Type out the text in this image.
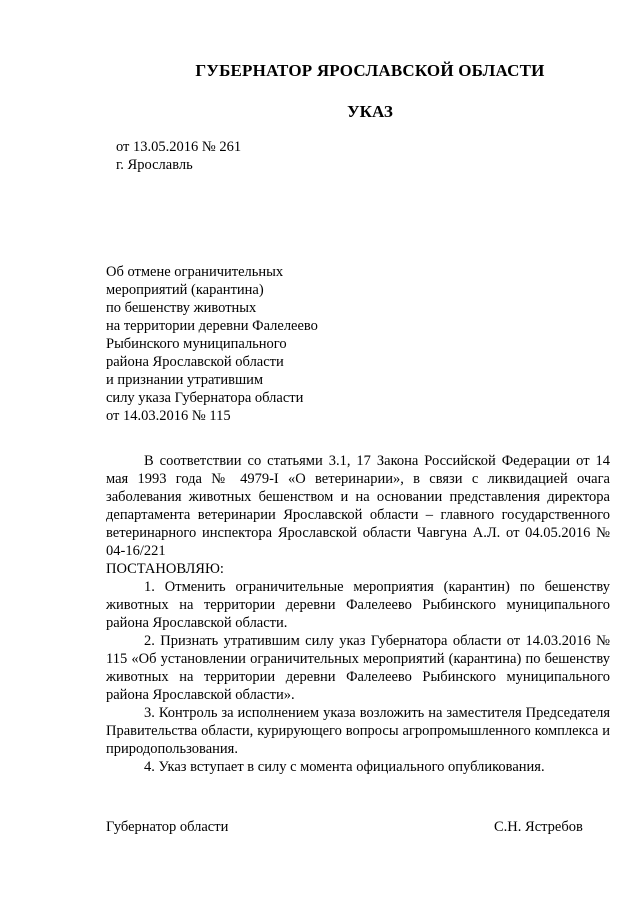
ГУБЕРНАТОР ЯРОСЛАВСКОЙ ОБЛАСТИ
УКАЗ
от 13.05.2016 № 261
г. Ярославль
Об отмене ограничительных
мероприятий (карантина)
по бешенству животных
на территории деревни Фалелеево
Рыбинского муниципального
района Ярославской области
и признании утратившим
силу указа Губернатора области
от 14.03.2016 № 115

В соответствии со статьями 3.1, 17 Закона Российской Федерации от 14 мая 1993 года № 4979-I «О ветеринарии», в связи с ликвидацией очага заболевания животных бешенством и на основании представления директора департамента ветеринарии Ярославской области – главного государственного ветеринарного инспектора Ярославской области Чавгуна А.Л. от 04.05.2016 № 04-16/221

ПОСТАНОВЛЯЮ:

1. Отменить ограничительные мероприятия (карантин) по бешенству животных на территории деревни Фалелеево Рыбинского муниципального района Ярославской области.

2. Признать утратившим силу указ Губернатора области от 14.03.2016 № 115 «Об установлении ограничительных мероприятий (карантина) по бешенству животных на территории деревни Фалелеево Рыбинского муниципального района Ярославской области».

3. Контроль за исполнением указа возложить на заместителя Председателя Правительства области, курирующего вопросы агропромышленного комплекса и природопользования.

4. Указ вступает в силу с момента официального опубликования.

Губернатор области	С.Н. Ястребов
